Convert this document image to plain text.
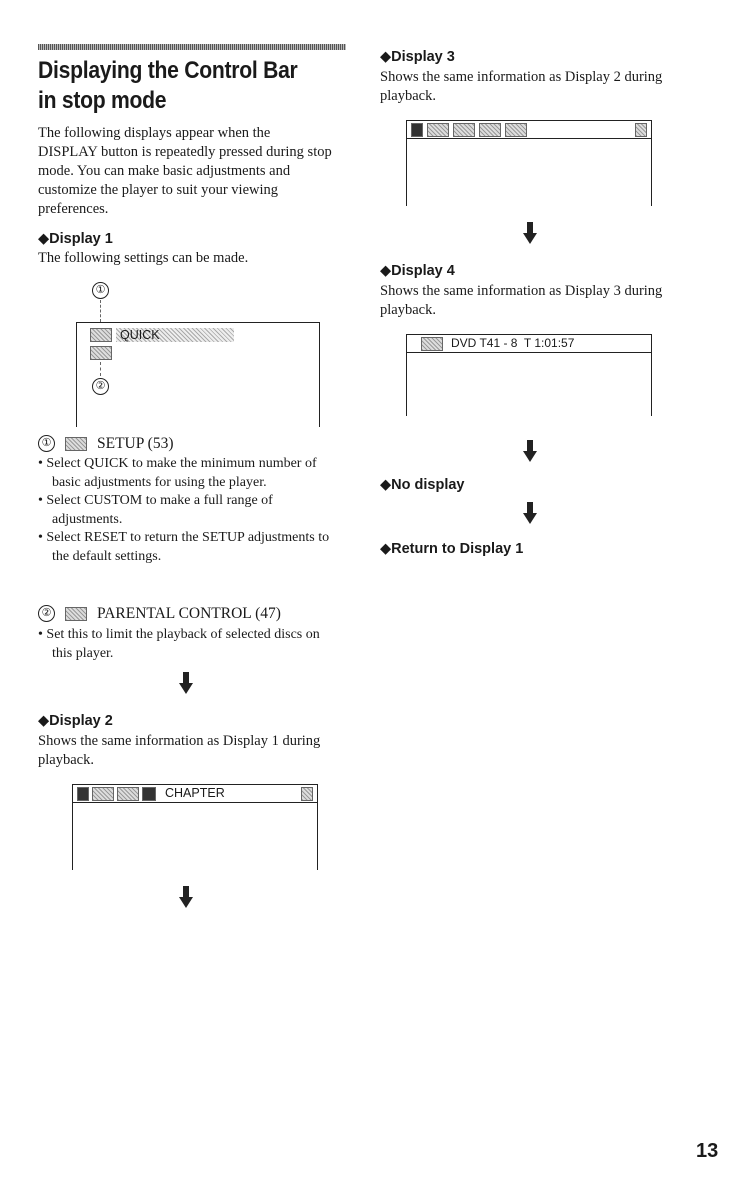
Displaying the Control Bar in stop mode
The following displays appear when the DISPLAY button is repeatedly pressed during stop mode. You can make basic adjustments and customize the player to suit your viewing preferences.
◆Display 1
The following settings can be made.
①
QUICK
②
①	SETUP (53)
• Select QUICK to make the minimum number of basic adjustments for using the player.
• Select CUSTOM to make a full range of adjustments.
• Select RESET to return the SETUP adjustments to the default settings.
②	PARENTAL CONTROL (47)
• Set this to limit the playback of selected discs on this player.
◆Display 2
Shows the same information as Display 1 during playback.
CHAPTER
◆Display 3
Shows the same information as Display 2 during playback.
◆Display 4
Shows the same information as Display 3 during playback.
DVD T41 - 8  T 1:01:57
◆No display
◆Return to Display 1
13
